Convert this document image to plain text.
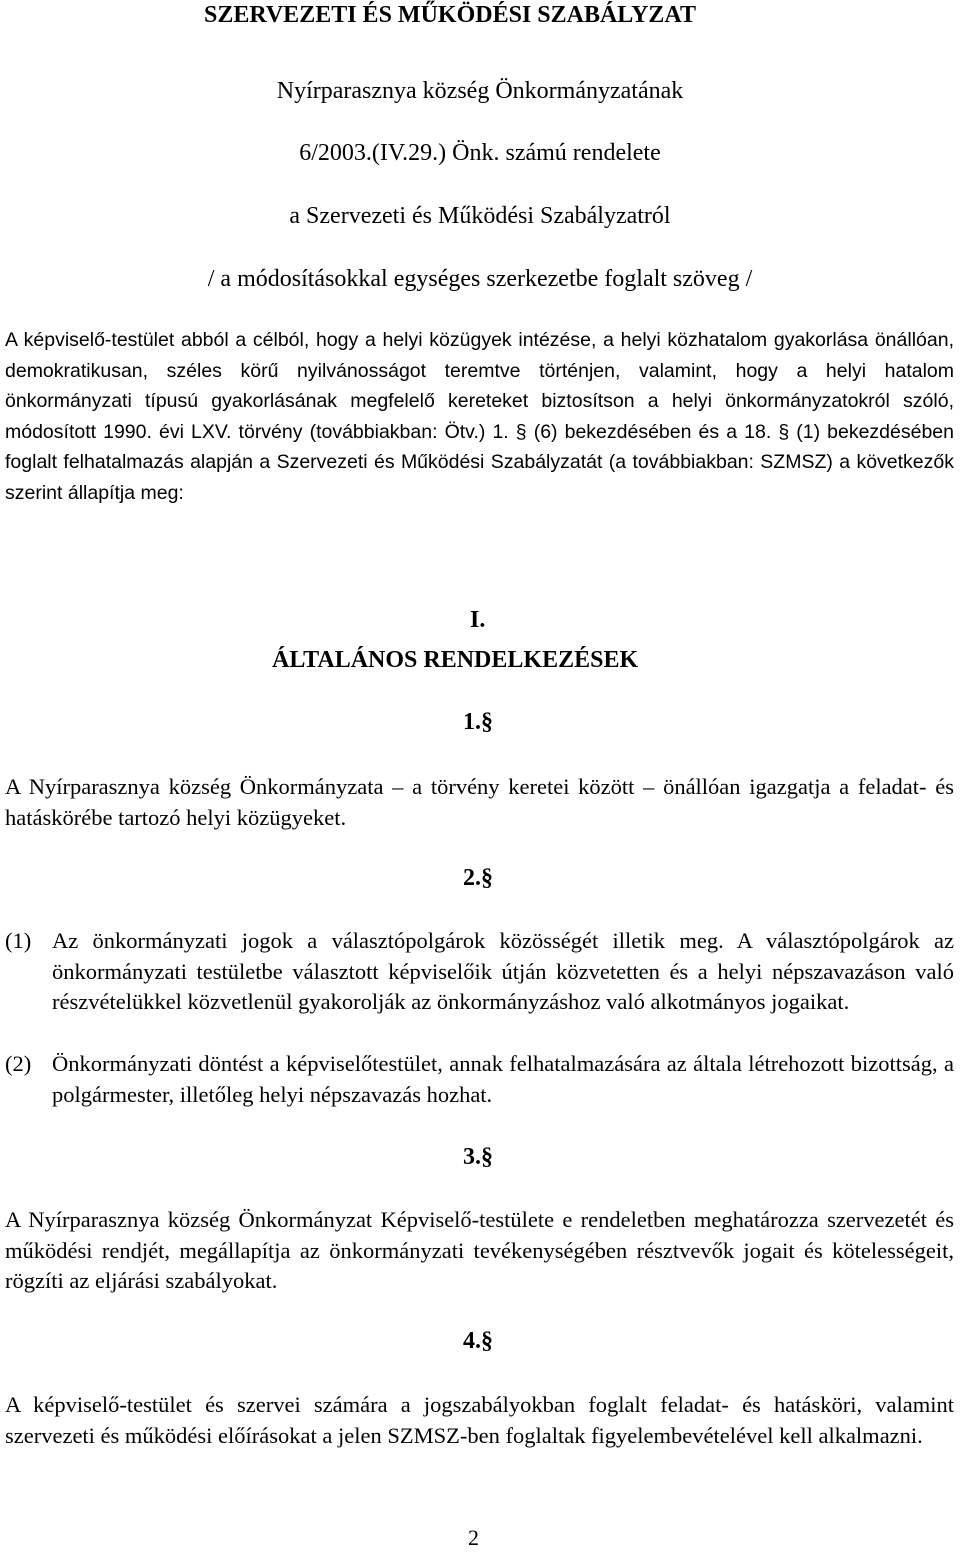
SZERVEZETI ÉS MŰKÖDÉSI SZABÁLYZAT
Nyírparasznya község Önkormányzatának
6/2003.(IV.29.) Önk. számú rendelete
a Szervezeti és Működési Szabályzatról
/ a módosításokkal egységes szerkezetbe foglalt szöveg /
A képviselő-testület abból a célból, hogy a helyi közügyek intézése, a helyi közhatalom gyakorlása önállóan, demokratikusan, széles körű nyilvánosságot teremtve történjen, valamint, hogy a helyi hatalom önkormányzati típusú gyakorlásának megfelelő kereteket biztosítson a helyi önkormányzatokról szóló, módosított 1990. évi LXV. törvény (továbbiakban: Ötv.) 1. § (6) bekezdésében és a 18. § (1) bekezdésében foglalt felhatalmazás alapján a Szervezeti és Működési Szabályzatát (a továbbiakban: SZMSZ) a következők szerint állapítja meg:
I.
ÁLTALÁNOS RENDELKEZÉSEK
1.§
A Nyírparasznya község Önkormányzata – a törvény keretei között – önállóan igazgatja a feladat- és hatáskörébe tartozó helyi közügyeket.
2.§
(1) Az önkormányzati jogok a választópolgárok közösségét illetik meg. A választópolgárok az önkormányzati testületbe választott képviselőik útján közvetetten és a helyi népszavazáson való részvételükkel közvetlenül gyakorolják az önkormányzáshoz való alkotmányos jogaikat.
(2) Önkormányzati döntést a képviselőtestület, annak felhatalmazására az általa létrehozott bizottság, a polgármester, illetőleg helyi népszavazás hozhat.
3.§
A Nyírparasznya község Önkormányzat Képviselő-testülete e rendeletben meghatározza szervezetét és működési rendjét, megállapítja az önkormányzati tevékenységében résztvevők jogait és kötelességeit, rögzíti az eljárási szabályokat.
4.§
A képviselő-testület és szervei számára a jogszabályokban foglalt feladat- és hatásköri, valamint szervezeti és működési előírásokat a jelen SZMSZ-ben foglaltak figyelembevételével kell alkalmazni.
2
